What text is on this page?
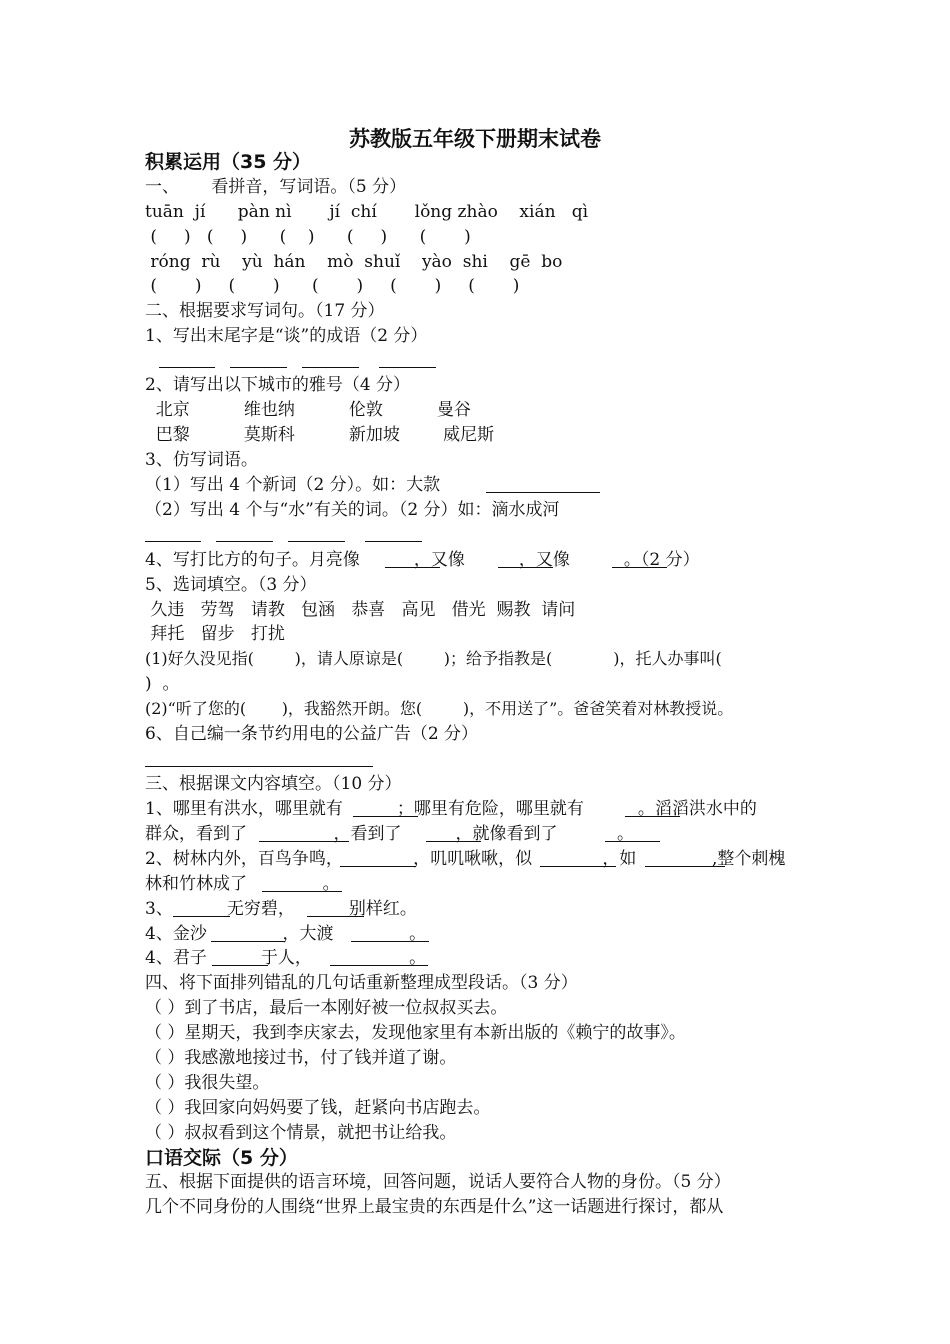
苏教版五年级下册期末试卷
积累运用（35 分）
一、      看拼音，写词语。（5 分）
tuān  jí      pàn nì       jí  chí       lǒng zhào    xián   qì
(     )   (     )      (    )      (     )      (       )
róng  rù    yù  hán    mò  shuǐ    yào  shi    gē  bo
(       )     (       )      (       )     (       )     (       )
二、根据要求写词句。（17 分）
1、写出末尾字是“谈”的成语（2 分）
2、请写出以下城市的雅号（4 分）
北京          维也纳          伦敦          曼谷
巴黎          莫斯科          新加坡        威尼斯
3、仿写词语。
（1）写出 4 个新词（2 分）。如：大款
（2）写出 4 个与“水”有关的词。（2 分）如：滴水成河
4、写打比方的句子。月亮像          ，又像          ，又像          。（2 分）
5、选词填空。（3 分）
久违   劳驾   请教   包涵   恭喜   高见   借光  赐教  请问
拜托   留步   打扰
(1)好久没见指(        )，请人原谅是(        )；给予指教是(            )，托人办事叫(
)  。
(2)“听了您的(       )，我豁然开朗。您(        )，不用送了”。爸爸笑着对林教授说。
6、自己编一条节约用电的公益广告（2 分）
三、根据课文内容填空。（10 分）
1、哪里有洪水，哪里就有          ；哪里有危险，哪里就有          。滔滔洪水中的
群众，看到了                ，看到了          ，就像看到了           。
2、树林内外，百鸟争鸣，             ，叽叽啾啾，似             ，如              ,整个刺槐
林和竹林成了              。
3、          无穷碧，          别样红。
4、金沙              ，大渡              。
4、君子          于人，                  。
四、将下面排列错乱的几句话重新整理成型段话。（3 分）
（ ）到了书店，最后一本刚好被一位叔叔买去。
（ ）星期天，我到李庆家去，发现他家里有本新出版的《赖宁的故事》。
（ ）我感激地接过书，付了钱并道了谢。
（ ）我很失望。
（ ）我回家向妈妈要了钱，赶紧向书店跑去。
（ ）叔叔看到这个情景，就把书让给我。
口语交际（5 分）
五、根据下面提供的语言环境，回答问题，说话人要符合人物的身份。（5 分）
几个不同身份的人围绕“世界上最宝贵的东西是什么”这一话题进行探讨，都从
